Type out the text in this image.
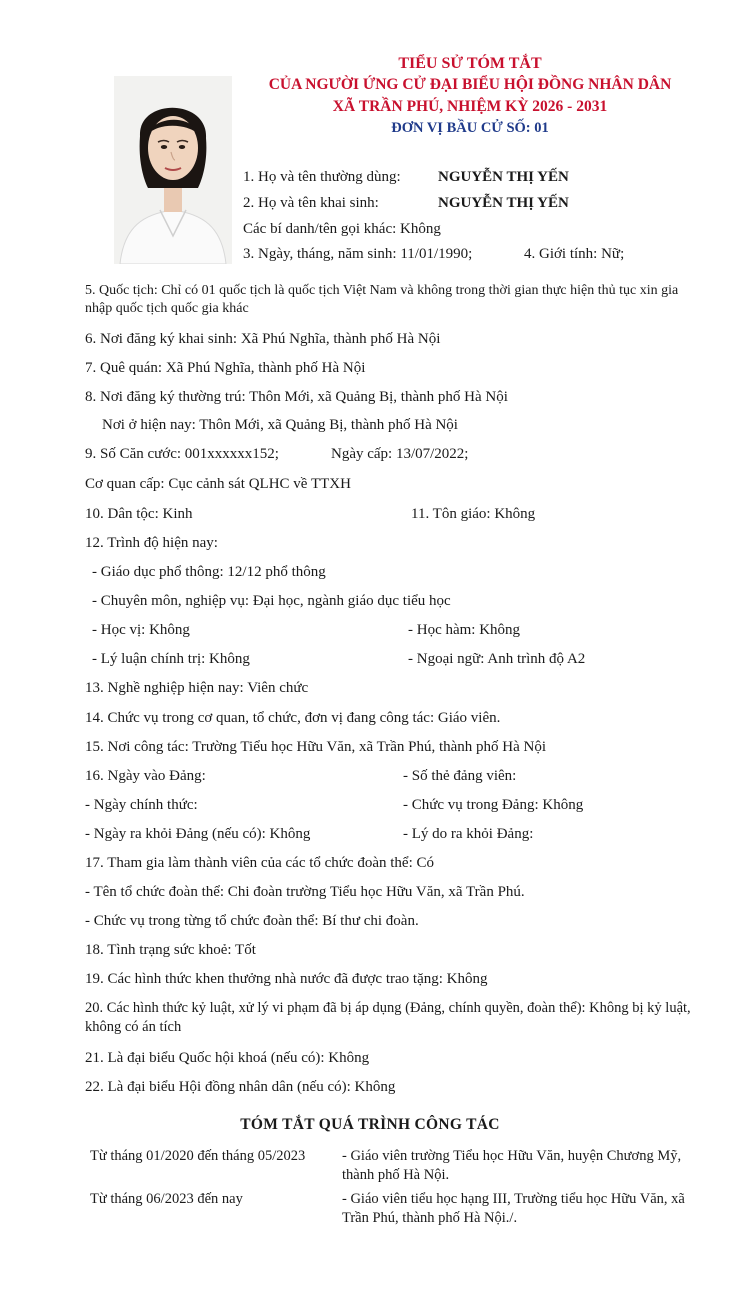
TIỂU SỬ TÓM TẮT
CỦA NGƯỜI ỨNG CỬ ĐẠI BIỂU HỘI ĐỒNG NHÂN DÂN
XÃ TRẦN PHÚ, NHIỆM KỲ 2026 - 2031
ĐƠN VỊ BẦU CỬ SỐ: 01
1. Họ và tên thường dùng: NGUYỄN THỊ YẾN
2. Họ và tên khai sinh:	NGUYỄN THỊ YẾN
Các bí danh/tên gọi khác: Không
3. Ngày, tháng, năm sinh: 11/01/1990;	4. Giới tính: Nữ;
5. Quốc tịch: Chỉ có 01 quốc tịch là quốc tịch Việt Nam và không trong thời gian thực hiện thủ tục xin gia nhập quốc tịch quốc gia khác
6. Nơi đăng ký khai sinh: Xã Phú Nghĩa, thành phố Hà Nội
7. Quê quán: Xã Phú Nghĩa, thành phố Hà Nội
8. Nơi đăng ký thường trú: Thôn Mới, xã Quảng Bị, thành phố Hà Nội
Nơi ở hiện nay: Thôn Mới, xã Quảng Bị, thành phố Hà Nội
9. Số Căn cước: 001xxxxxx152;	Ngày cấp: 13/07/2022;
Cơ quan cấp: Cục cảnh sát QLHC về TTXH
10. Dân tộc: Kinh	11. Tôn giáo: Không
12. Trình độ hiện nay:
- Giáo dục phổ thông: 12/12 phổ thông
- Chuyên môn, nghiệp vụ: Đại học, ngành giáo dục tiểu học
- Học vị: Không	- Học hàm: Không
- Lý luận chính trị: Không	- Ngoại ngữ: Anh trình độ A2
13. Nghề nghiệp hiện nay: Viên chức
14. Chức vụ trong cơ quan, tổ chức, đơn vị đang công tác: Giáo viên.
15. Nơi công tác: Trường Tiểu học Hữu Văn, xã Trần Phú, thành phố Hà Nội
16. Ngày vào Đảng:	- Số thẻ đảng viên:
- Ngày chính thức:	- Chức vụ trong Đảng: Không
- Ngày ra khỏi Đảng (nếu có): Không	- Lý do ra khỏi Đảng:
17. Tham gia làm thành viên của các tổ chức đoàn thể: Có
- Tên tổ chức đoàn thể: Chi đoàn trường Tiểu học Hữu Văn, xã Trần Phú.
- Chức vụ trong từng tổ chức đoàn thể: Bí thư chi đoàn.
18. Tình trạng sức khoẻ: Tốt
19. Các hình thức khen thưởng nhà nước đã được trao tặng: Không
20. Các hình thức kỷ luật, xử lý vi phạm đã bị áp dụng (Đảng, chính quyền, đoàn thể): Không bị kỷ luật, không có án tích
21. Là đại biểu Quốc hội khoá (nếu có): Không
22. Là đại biểu Hội đồng nhân dân (nếu có): Không
TÓM TẮT QUÁ TRÌNH CÔNG TÁC
Từ tháng 01/2020 đến tháng 05/2023	- Giáo viên trường Tiểu học Hữu Văn, huyện Chương Mỹ, thành phố Hà Nội.
Từ tháng 06/2023 đến nay	- Giáo viên tiểu học hạng III, Trường tiểu học Hữu Văn, xã Trần Phú, thành phố Hà Nội./.
